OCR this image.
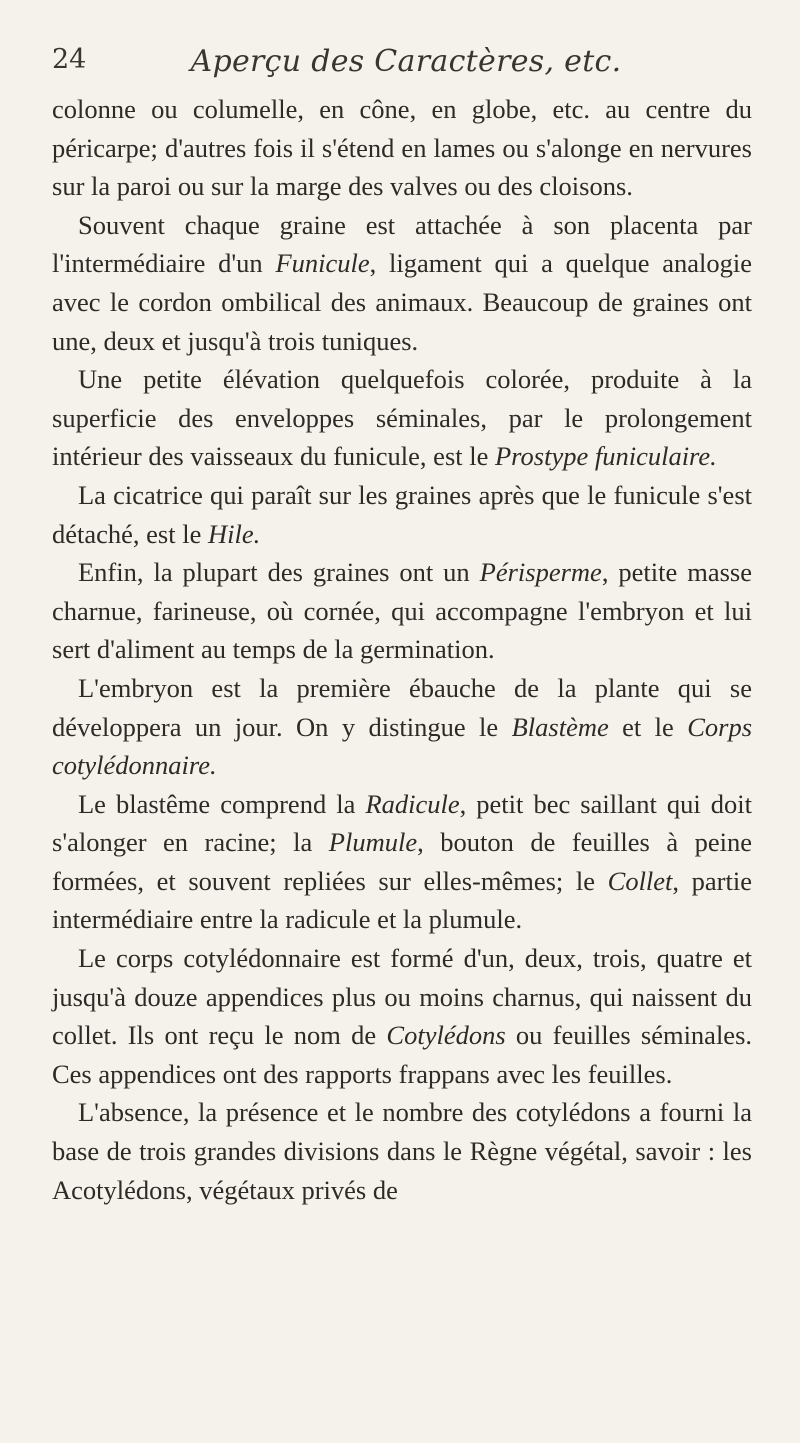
24	Aperçu des Caractères, etc.

colonne ou columelle, en cône, en globe, etc. au centre du péricarpe; d'autres fois il s'étend en lames ou s'alonge en nervures sur la paroi ou sur la marge des valves ou des cloisons.

Souvent chaque graine est attachée à son placenta par l'intermédiaire d'un Funicule, ligament qui a quelque analogie avec le cordon ombilical des animaux. Beaucoup de graines ont une, deux et jusqu'à trois tuniques.

Une petite élévation quelquefois colorée, produite à la superficie des enveloppes séminales, par le prolongement intérieur des vaisseaux du funicule, est le Prostype funiculaire.

La cicatrice qui paraît sur les graines après que le funicule s'est détaché, est le Hile.

Enfin, la plupart des graines ont un Périsperme, petite masse charnue, farineuse, où cornée, qui accompagne l'embryon et lui sert d'aliment au temps de la germination.

L'embryon est la première ébauche de la plante qui se développera un jour. On y distingue le Blastème et le Corps cotylédonnaire.

Le blastême comprend la Radicule, petit bec saillant qui doit s'alonger en racine; la Plumule, bouton de feuilles à peine formées, et souvent repliées sur elles-mêmes; le Collet, partie intermédiaire entre la radicule et la plumule.

Le corps cotylédonnaire est formé d'un, deux, trois, quatre et jusqu'à douze appendices plus ou moins charnus, qui naissent du collet. Ils ont reçu le nom de Cotylédons ou feuilles séminales. Ces appendices ont des rapports frappans avec les feuilles.

L'absence, la présence et le nombre des cotylédons a fourni la base de trois grandes divisions dans le Règne végétal, savoir : les Acotylédons, végétaux privés de
